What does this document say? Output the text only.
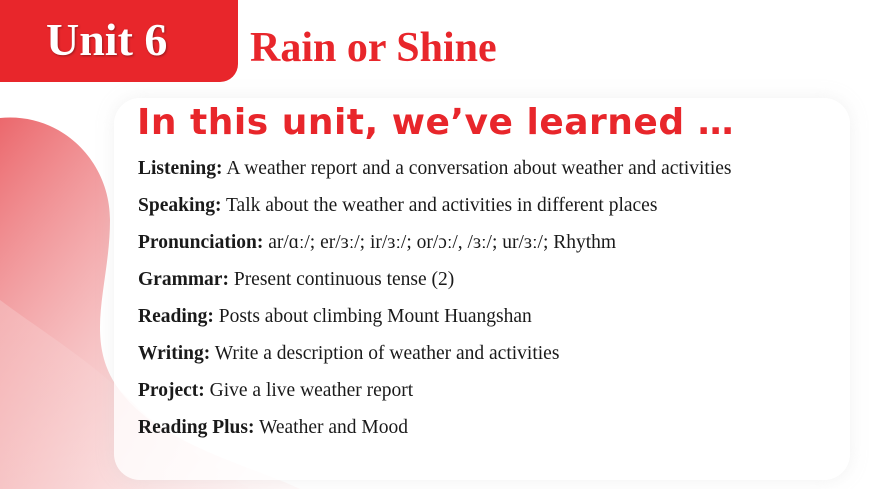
Unit 6 Rain or Shine
In this unit, we’ve learned …
Listening: A weather report and a conversation about weather and activities
Speaking: Talk about the weather and activities in different places
Pronunciation: ar/ɑː/; er/ɜː/; ir/ɜː/; or/ɔː/, /ɜː/; ur/ɜː/; Rhythm
Grammar: Present continuous tense (2)
Reading: Posts about climbing Mount Huangshan
Writing: Write a description of weather and activities
Project: Give a live weather report
Reading Plus: Weather and Mood
